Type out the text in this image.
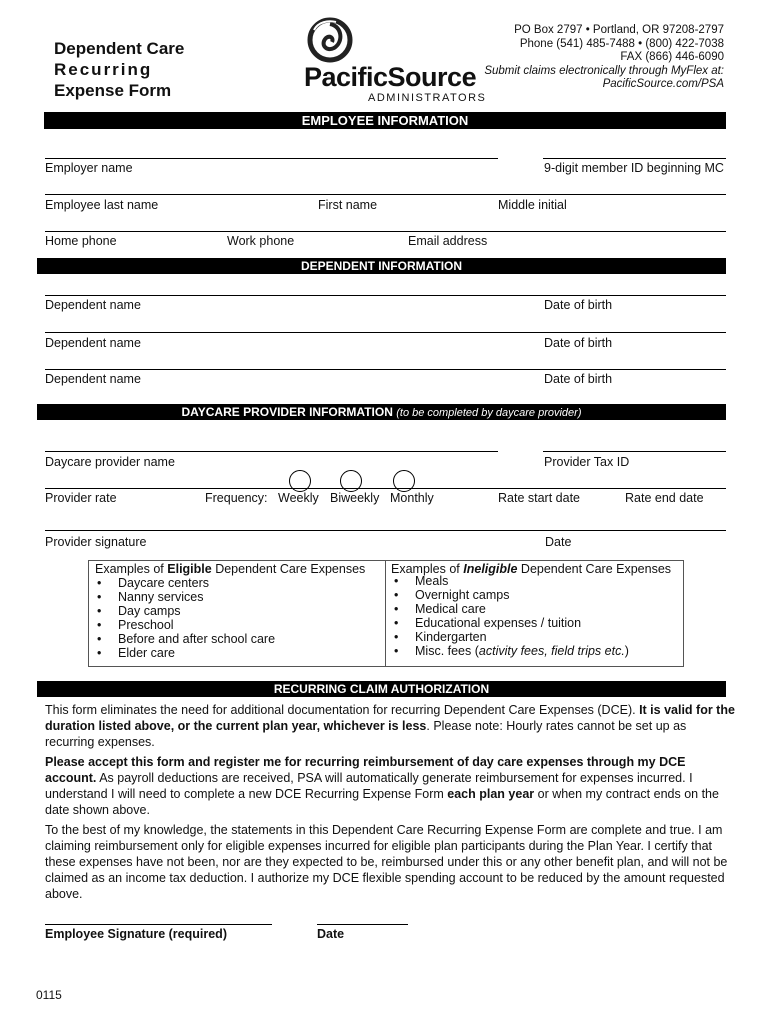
Dependent Care
Recurring
Expense Form	PacificSource
ADMINISTRATORS
PO Box 2797 • Portland, OR 97208-2797
Phone (541) 485-7488 • (800) 422-7038
FAX (866) 446-6090
Submit claims electronically through MyFlex at:
PacificSource.com/PSA
EMPLOYEE INFORMATION
Employer name	9-digit member ID beginning MC
Employee last name	First name	Middle initial
Home phone	Work phone	Email address
DEPENDENT INFORMATION
Dependent name	Date of birth
Dependent name	Date of birth
Dependent name	Date of birth
DAYCARE PROVIDER INFORMATION (to be completed by daycare provider)
Daycare provider name	Provider Tax ID
Provider rate	Frequency: Weekly Biweekly Monthly	Rate start date	Rate end date
Provider signature	Date
Examples of Eligible Dependent Care Expenses
• Daycare centers
• Nanny services
• Day camps
• Preschool
• Before and after school care
• Elder care
Examples of Ineligible Dependent Care Expenses
• Meals
• Overnight camps
• Medical care
• Educational expenses / tuition
• Kindergarten
• Misc. fees (activity fees, field trips etc.)
RECURRING CLAIM AUTHORIZATION
This form eliminates the need for additional documentation for recurring Dependent Care Expenses (DCE). It is valid for the duration listed above, or the current plan year, whichever is less. Please note: Hourly rates cannot be set up as recurring expenses.
Please accept this form and register me for recurring reimbursement of day care expenses through my DCE account. As payroll deductions are received, PSA will automatically generate reimbursement for expenses incurred. I understand I will need to complete a new DCE Recurring Expense Form each plan year or when my contract ends on the date shown above.
To the best of my knowledge, the statements in this Dependent Care Recurring Expense Form are complete and true. I am claiming reimbursement only for eligible expenses incurred for eligible plan participants during the Plan Year. I certify that these expenses have not been, nor are they expected to be, reimbursed under this or any other benefit plan, and will not be claimed as an income tax deduction. I authorize my DCE flexible spending account to be reduced by the amount requested above.
Employee Signature (required)	Date
0115
